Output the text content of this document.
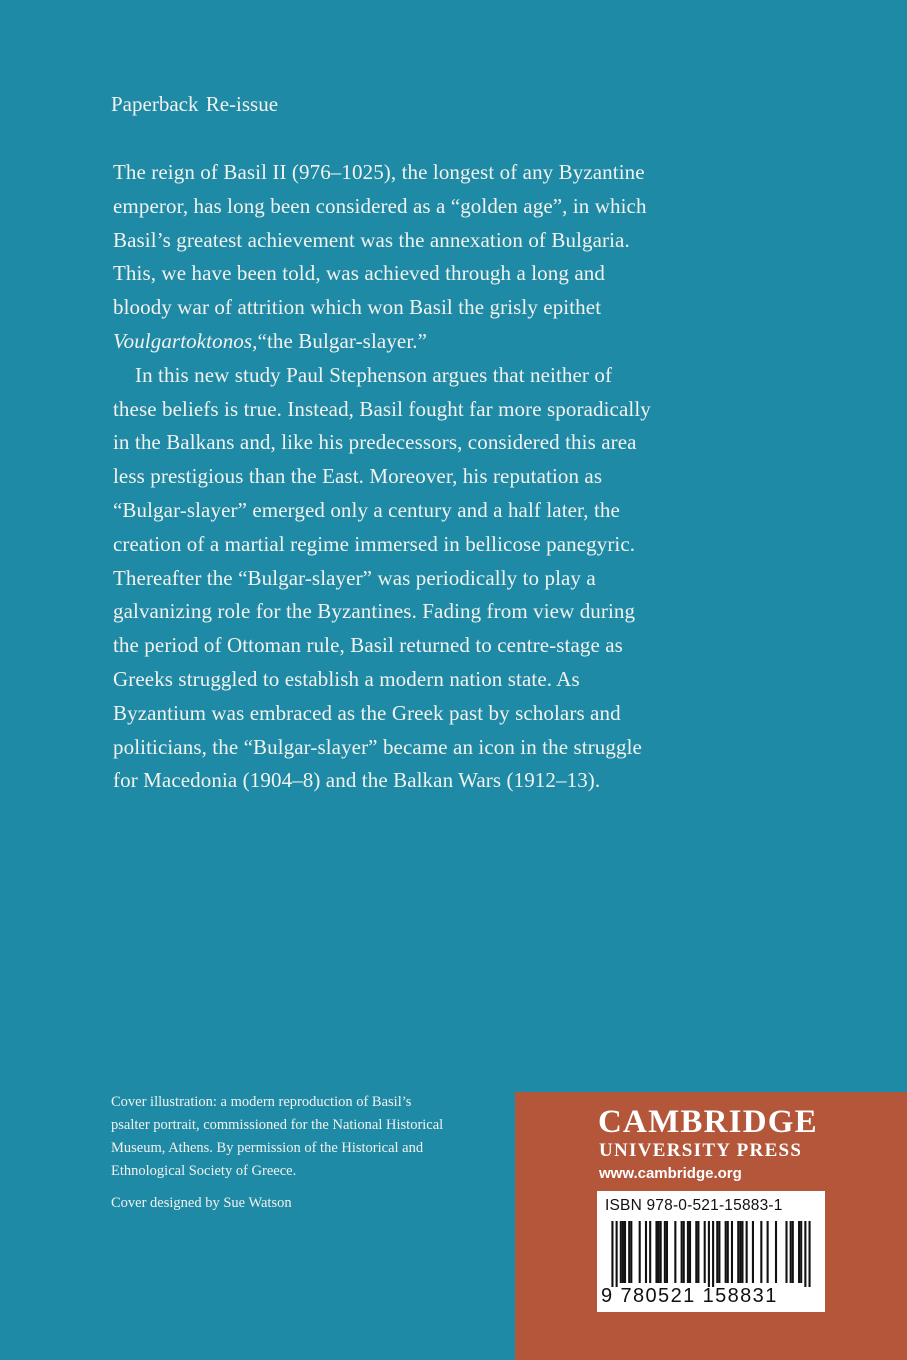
Paperback Re-issue

The reign of Basil II (976–1025), the longest of any Byzantine
emperor, has long been considered as a “golden age”, in which
Basil’s greatest achievement was the annexation of Bulgaria.
This, we have been told, was achieved through a long and
bloody war of attrition which won Basil the grisly epithet
Voulgartoktonos,“the Bulgar-slayer.”

In this new study Paul Stephenson argues that neither of
these beliefs is true. Instead, Basil fought far more sporadically
in the Balkans and, like his predecessors, considered this area
less prestigious than the East. Moreover, his reputation as
“Bulgar-slayer” emerged only a century and a half later, the
creation of a martial regime immersed in bellicose panegyric.
Thereafter the “Bulgar-slayer” was periodically to play a
galvanizing role for the Byzantines. Fading from view during
the period of Ottoman rule, Basil returned to centre-stage as
Greeks struggled to establish a modern nation state. As
Byzantium was embraced as the Greek past by scholars and
politicians, the “Bulgar-slayer” became an icon in the struggle
for Macedonia (1904–8) and the Balkan Wars (1912–13).

Cover illustration: a modern reproduction of Basil’s
psalter portrait, commissioned for the National Historical
Museum, Athens. By permission of the Historical and
Ethnological Society of Greece.

Cover designed by Sue Watson

CAMBRIDGE
UNIVERSITY PRESS
www.cambridge.org
ISBN 978-0-521-15883-1
9 780521 158831
